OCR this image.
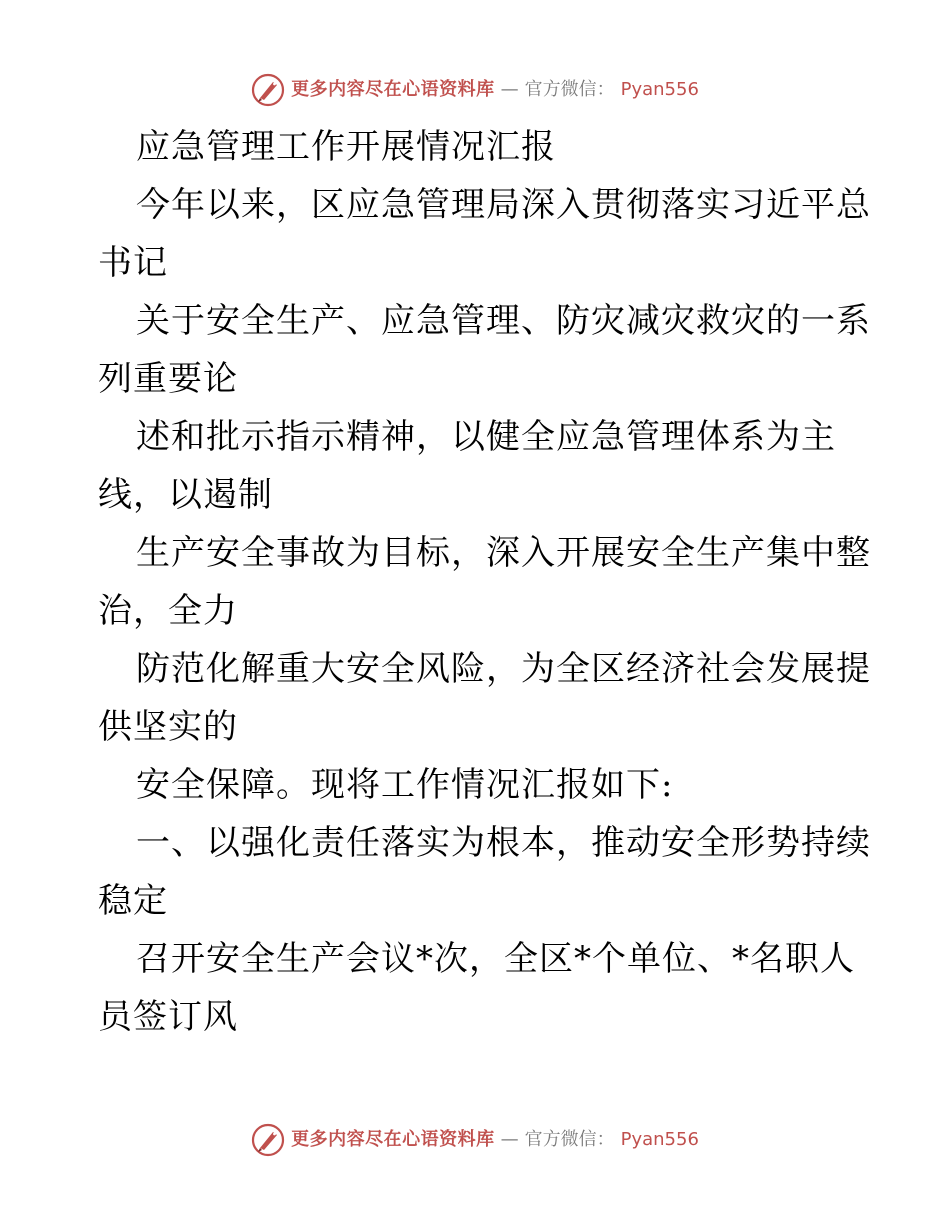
更多内容尽在心语资料库 — 官方微信： Pyan556
应急管理工作开展情况汇报
今年以来，区应急管理局深入贯彻落实习近平总
书记
关于安全生产、应急管理、防灾减灾救灾的一系
列重要论
述和批示指示精神，以健全应急管理体系为主
线，以遏制
生产安全事故为目标，深入开展安全生产集中整
治，全力
防范化解重大安全风险，为全区经济社会发展提
供坚实的
安全保障。现将工作情况汇报如下:
一、以强化责任落实为根本，推动安全形势持续
稳定
召开安全生产会议*次，全区*个单位、*名职人
员签订风
更多内容尽在心语资料库 — 官方微信： Pyan556
